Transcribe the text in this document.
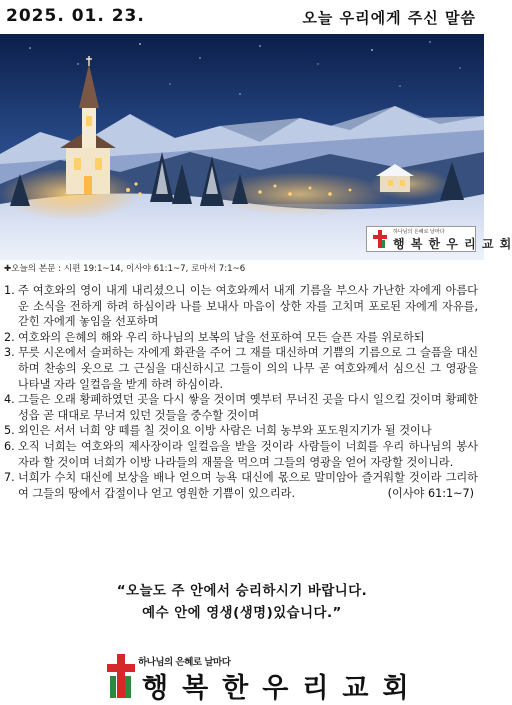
2025. 01. 23.	오늘 우리에게 주신 말씀
하나님의 은혜로 날마다
행 복 한 우 리 교 회
✚오늘의 본문 : 시편 19:1~14, 이사야 61:1~7, 로마서 7:1~6
1. 주 여호와의 영이 내게 내리셨으니 이는 여호와께서 내게 기름을 부으사 가난한 자에게 아름다운 소식을 전하게 하려 하심이라 나를 보내사 마음이 상한 자를 고치며 포로된 자에게 자유를, 갇힌 자에게 놓임을 선포하며
2. 여호와의 은혜의 해와 우리 하나님의 보복의 날을 선포하여 모든 슬픈 자를 위로하되
3. 무릇 시온에서 슬퍼하는 자에게 화관을 주어 그 재를 대신하며 기쁨의 기름으로 그 슬픔을 대신하며 찬송의 옷으로 그 근심을 대신하시고 그들이 의의 나무 곧 여호와께서 심으신 그 영광을 나타낼 자라 일컬음을 받게 하려 하심이라.
4. 그들은 오래 황폐하였던 곳을 다시 쌓을 것이며 옛부터 무너진 곳을 다시 일으킬 것이며 황폐한 성읍 곧 대대로 무너져 있던 것들을 중수할 것이며
5. 외인은 서서 너희 양 떼를 칠 것이요 이방 사람은 너희 농부와 포도원지기가 될 것이나
6. 오직 너희는 여호와의 제사장이라 일컬음을 받을 것이라 사람들이 너희를 우리 하나님의 봉사자라 할 것이며 너희가 이방 나라들의 재물을 먹으며 그들의 영광을 얻어 자랑할 것이니라.
7. 너희가 수치 대신에 보상을 배나 얻으며 능욕 대신에 몫으로 말미암아 즐거워할 것이라 그리하여 그들의 땅에서 갑절이나 얻고 영원한 기쁨이 있으리라.	(이사야 61:1~7)
“오늘도 주 안에서 승리하시기 바랍니다.
예수 안에 영생(생명)있습니다.”
하나님의 은혜로 날마다
행복한우리교회
